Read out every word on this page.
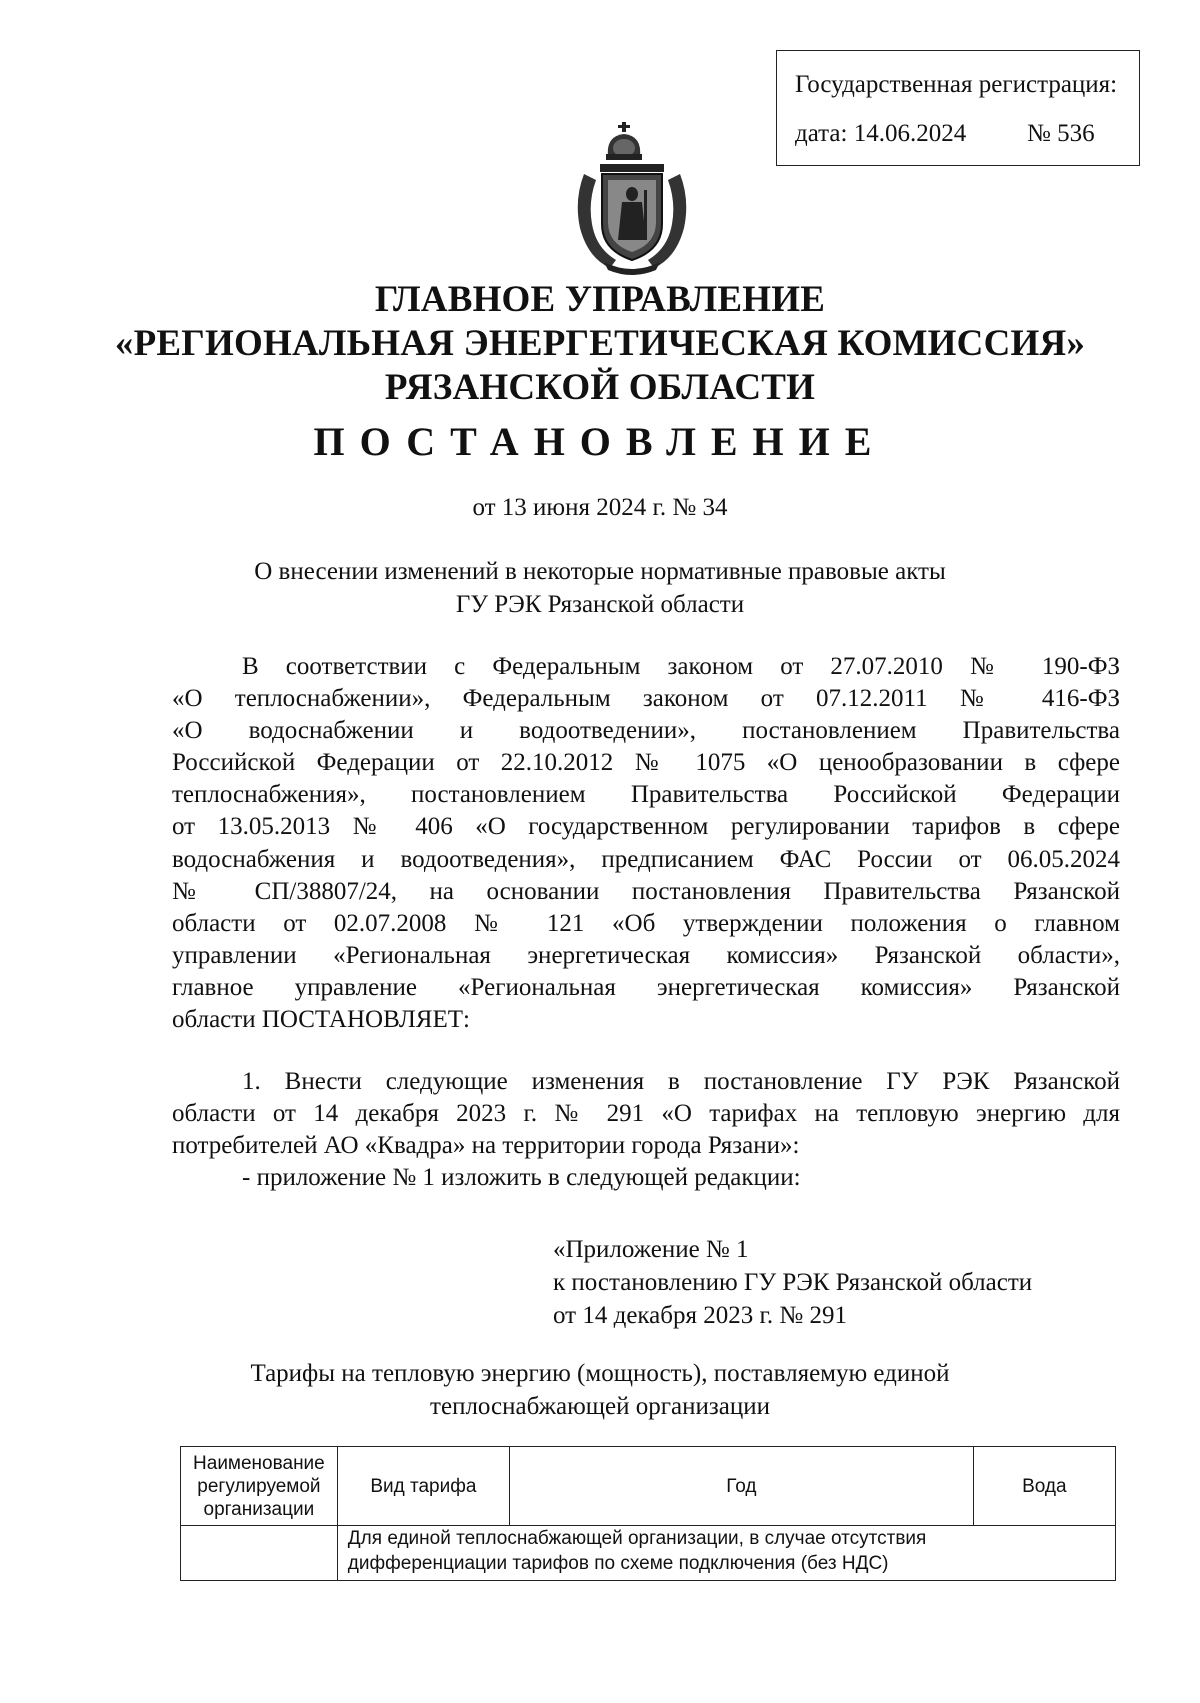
Государственная регистрация:
дата: 14.06.2024 № 536
ГЛАВНОЕ УПРАВЛЕНИЕ
«РЕГИОНАЛЬНАЯ ЭНЕРГЕТИЧЕСКАЯ КОМИССИЯ»
РЯЗАНСКОЙ ОБЛАСТИ
ПОСТАНОВЛЕНИЕ
от 13 июня 2024 г. № 34
О внесении изменений в некоторые нормативные правовые акты
ГУ РЭК Рязанской области
В соответствии с Федеральным законом от 27.07.2010 № 190-ФЗ
«О теплоснабжении», Федеральным законом от 07.12.2011 № 416-ФЗ
«О водоснабжении и водоотведении», постановлением Правительства
Российской Федерации от 22.10.2012 № 1075 «О ценообразовании в сфере
теплоснабжения», постановлением Правительства Российской Федерации
от 13.05.2013 № 406 «О государственном регулировании тарифов в сфере
водоснабжения и водоотведения», предписанием ФАС России от 06.05.2024
№ СП/38807/24, на основании постановления Правительства Рязанской
области от 02.07.2008 № 121 «Об утверждении положения о главном
управлении «Региональная энергетическая комиссия» Рязанской области»,
главное управление «Региональная энергетическая комиссия» Рязанской
области ПОСТАНОВЛЯЕТ:
1. Внести следующие изменения в постановление ГУ РЭК Рязанской
области от 14 декабря 2023 г. № 291 «О тарифах на тепловую энергию для
потребителей АО «Квадра» на территории города Рязани»:
- приложение № 1 изложить в следующей редакции:
«Приложение № 1
к постановлению ГУ РЭК Рязанской области
от 14 декабря 2023 г. № 291
Тарифы на тепловую энергию (мощность), поставляемую единой
теплоснабжающей организации
Наименование
регулируемой
организации	Вид тарифа	Год	Вода

	Для единой теплоснабжающей организации, в случае отсутствия
дифференциации тарифов по схеме подключения (без НДС)		
